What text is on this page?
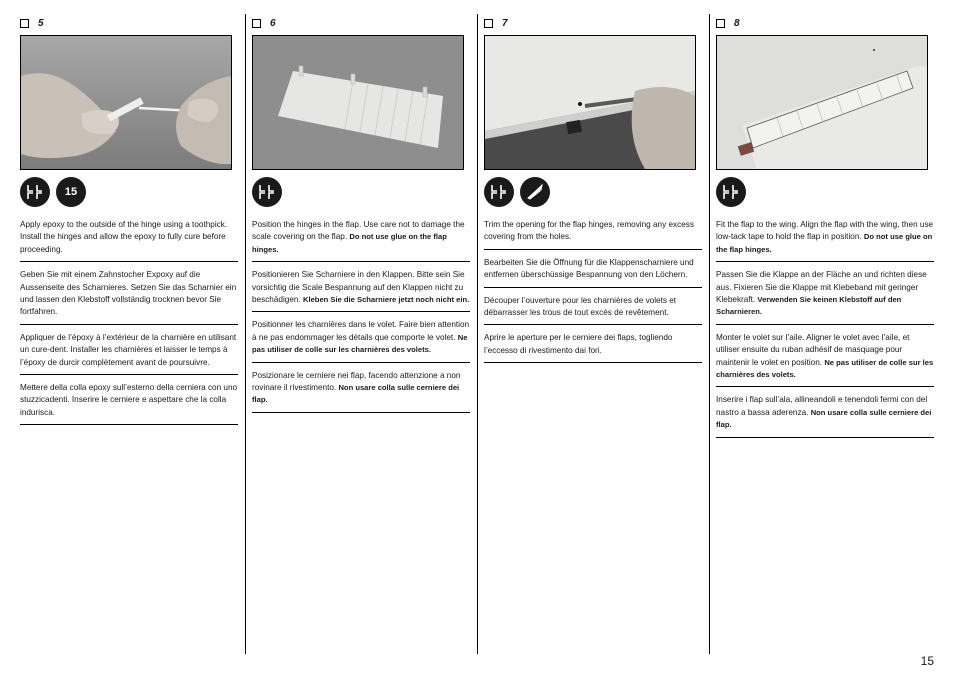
5
15
Apply epoxy to the outside of the hinge using a toothpick. Install the hinges and allow the epoxy to fully cure before proceeding.
Geben Sie mit einem Zahnstocher Expoxy auf die Aussenseite des Scharnieres. Setzen Sie das Scharnier ein und lassen den Klebstoff vollständig trocknen bevor Sie fortfahren.
Appliquer de l’époxy à l’extérieur de la charnière en utilisant un cure-dent. Installer les charnières et laisser le temps à l’époxy de durcir complètement avant de poursuivre.
Mettere della colla epoxy sull’esterno della cerniera con uno stuzzicadenti. Inserire le cerniere e aspettare che la colla indurisca.
6
Position the hinges in the flap. Use care not to damage the scale covering on the flap. Do not use glue on the flap hinges.
Positionieren Sie Scharniere in den Klappen. Bitte sein Sie vorsichtig die Scale Bespannung auf den Klappen nicht zu beschädigen. Kleben Sie die Scharniere jetzt noch nicht ein.
Positionner les charnières dans le volet. Faire bien attention à ne pas endommager les détails que comporte le volet. Ne pas utiliser de colle sur les charnières des volets.
Posizionare le cerniere nei flap, facendo attenzione a non rovinare il rivestimento. Non usare colla sulle cerniere dei flap.
7
Trim the opening for the flap hinges, removing any excess covering from the holes.
Bearbeiten Sie die Öffnung für die Klappenscharniere und entfernen überschüssige Bespannung von den Löchern.
Découper l’ouverture pour les charnières de volets et débarrasser les trous de tout excès de revêtement.
Aprire le aperture per le cerniere dei flaps, togliendo l’eccesso di rivestimento dai fori.
8
Fit the flap to the wing. Align the flap with the wing, then use low-tack tape to hold the flap in position. Do not use glue on the flap hinges.
Passen Sie die Klappe an der Fläche an und richten diese aus. Fixieren Sie die Klappe mit Klebeband mit geringer Klebekraft. Verwenden Sie keinen Klebstoff auf den Scharnieren.
Monter le volet sur l’aile. Aligner le volet avec l’aile, et utiliser ensuite du ruban adhésif de masquage pour maintenir le volet en position. Ne pas utiliser de colle sur les charnières des volets.
Inserire i flap sull’ala, allineandoli e tenendoli fermi con del nastro a bassa aderenza. Non usare colla sulle cerniere dei flap.
15
